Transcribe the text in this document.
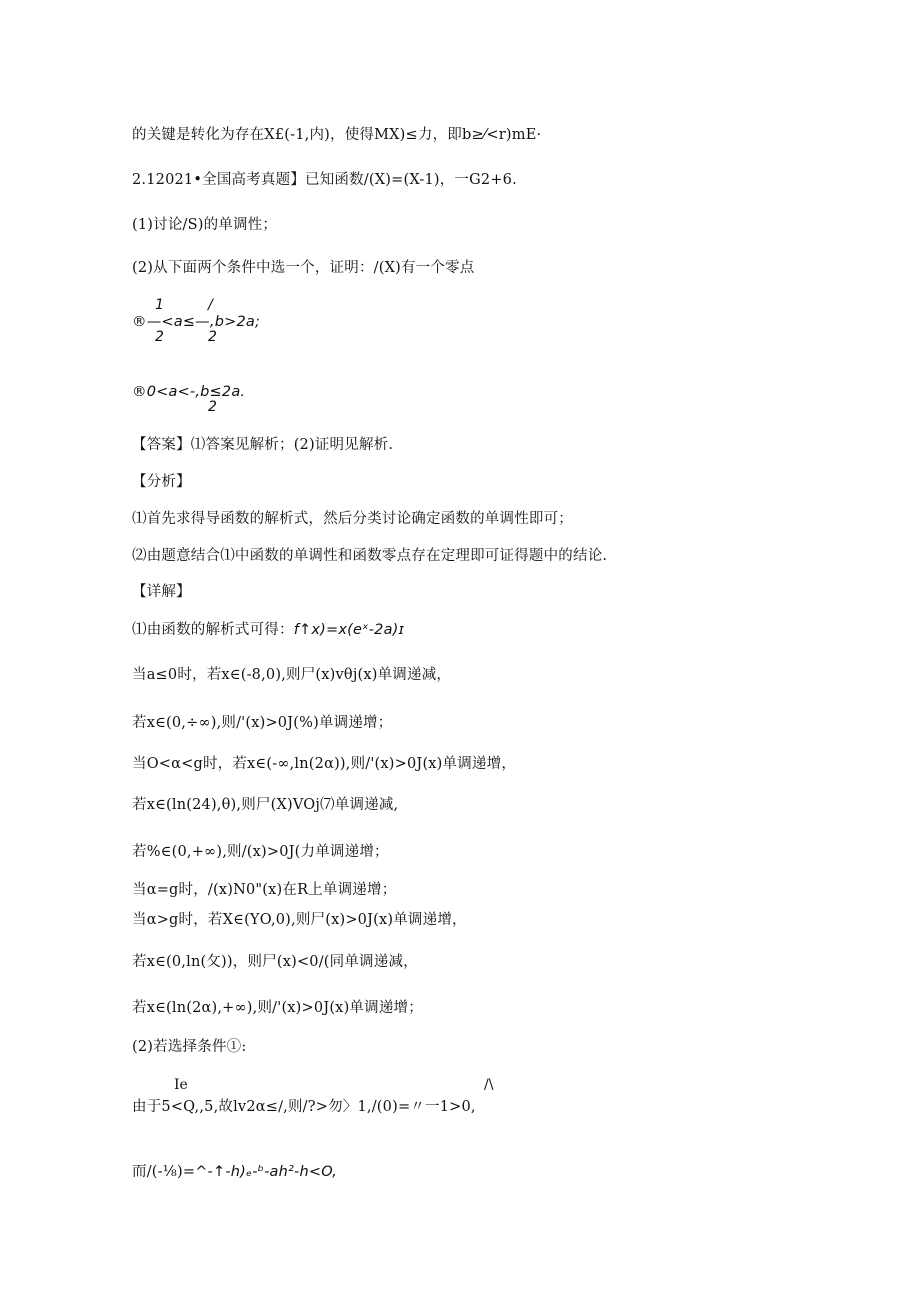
的关键是转化为存在X£(-1,内)，使得MX)≤力，即b≥⁄<r)mE·
2.12021•全国高考真题】已知函数/(X)=(X-1)，一G2+6.
(1)讨论/S)的单调性；
(2)从下面两个条件中选一个，证明：/(X)有一个零点
1	/
®—<a≤—,b>2a;
2	2
®0<a<-,b≤2a.
2
【答案】⑴答案见解析；(2)证明见解析.
【分析】
⑴首先求得导函数的解析式，然后分类讨论确定函数的单调性即可；
⑵由题意结合⑴中函数的单调性和函数零点存在定理即可证得题中的结论.
【详解】
⑴由函数的解析式可得：f↑x)=x(eˣ-2a)ɪ
当a≤0时，若x∈(-8,0),则尸(x)vθj(x)单调递减，
若x∈(0,÷∞),则/'(x)>0J(%)单调递增；
当O<α<g时，若x∈(-∞,ln(2α)),则/'(x)>0J(x)单调递增，
若x∈(ln(24),θ),则尸(X)VOj⑺单调递减,
若%∈(0,+∞),则/(x)>0J(力单调递增；
当α=g时，/(x)N0"(x)在R上单调递增；
当α>g时，若X∈(YO,0),则尸(x)>0J(x)单调递增，
若x∈(0,ln(攵))，则尸(x)<0∕(同单调递减，
若x∈(ln(2α),+∞),则/'(x)>0J(x)单调递增；
(2)若选择条件①:
Ie	/\
由于5<Q,,5,故lv2α≤∕,则/?>勿〉1,/(0)=〃一1>0,
而/(-⅛)=^-↑-h)ₑ-ᵇ-ah²-h<O,
